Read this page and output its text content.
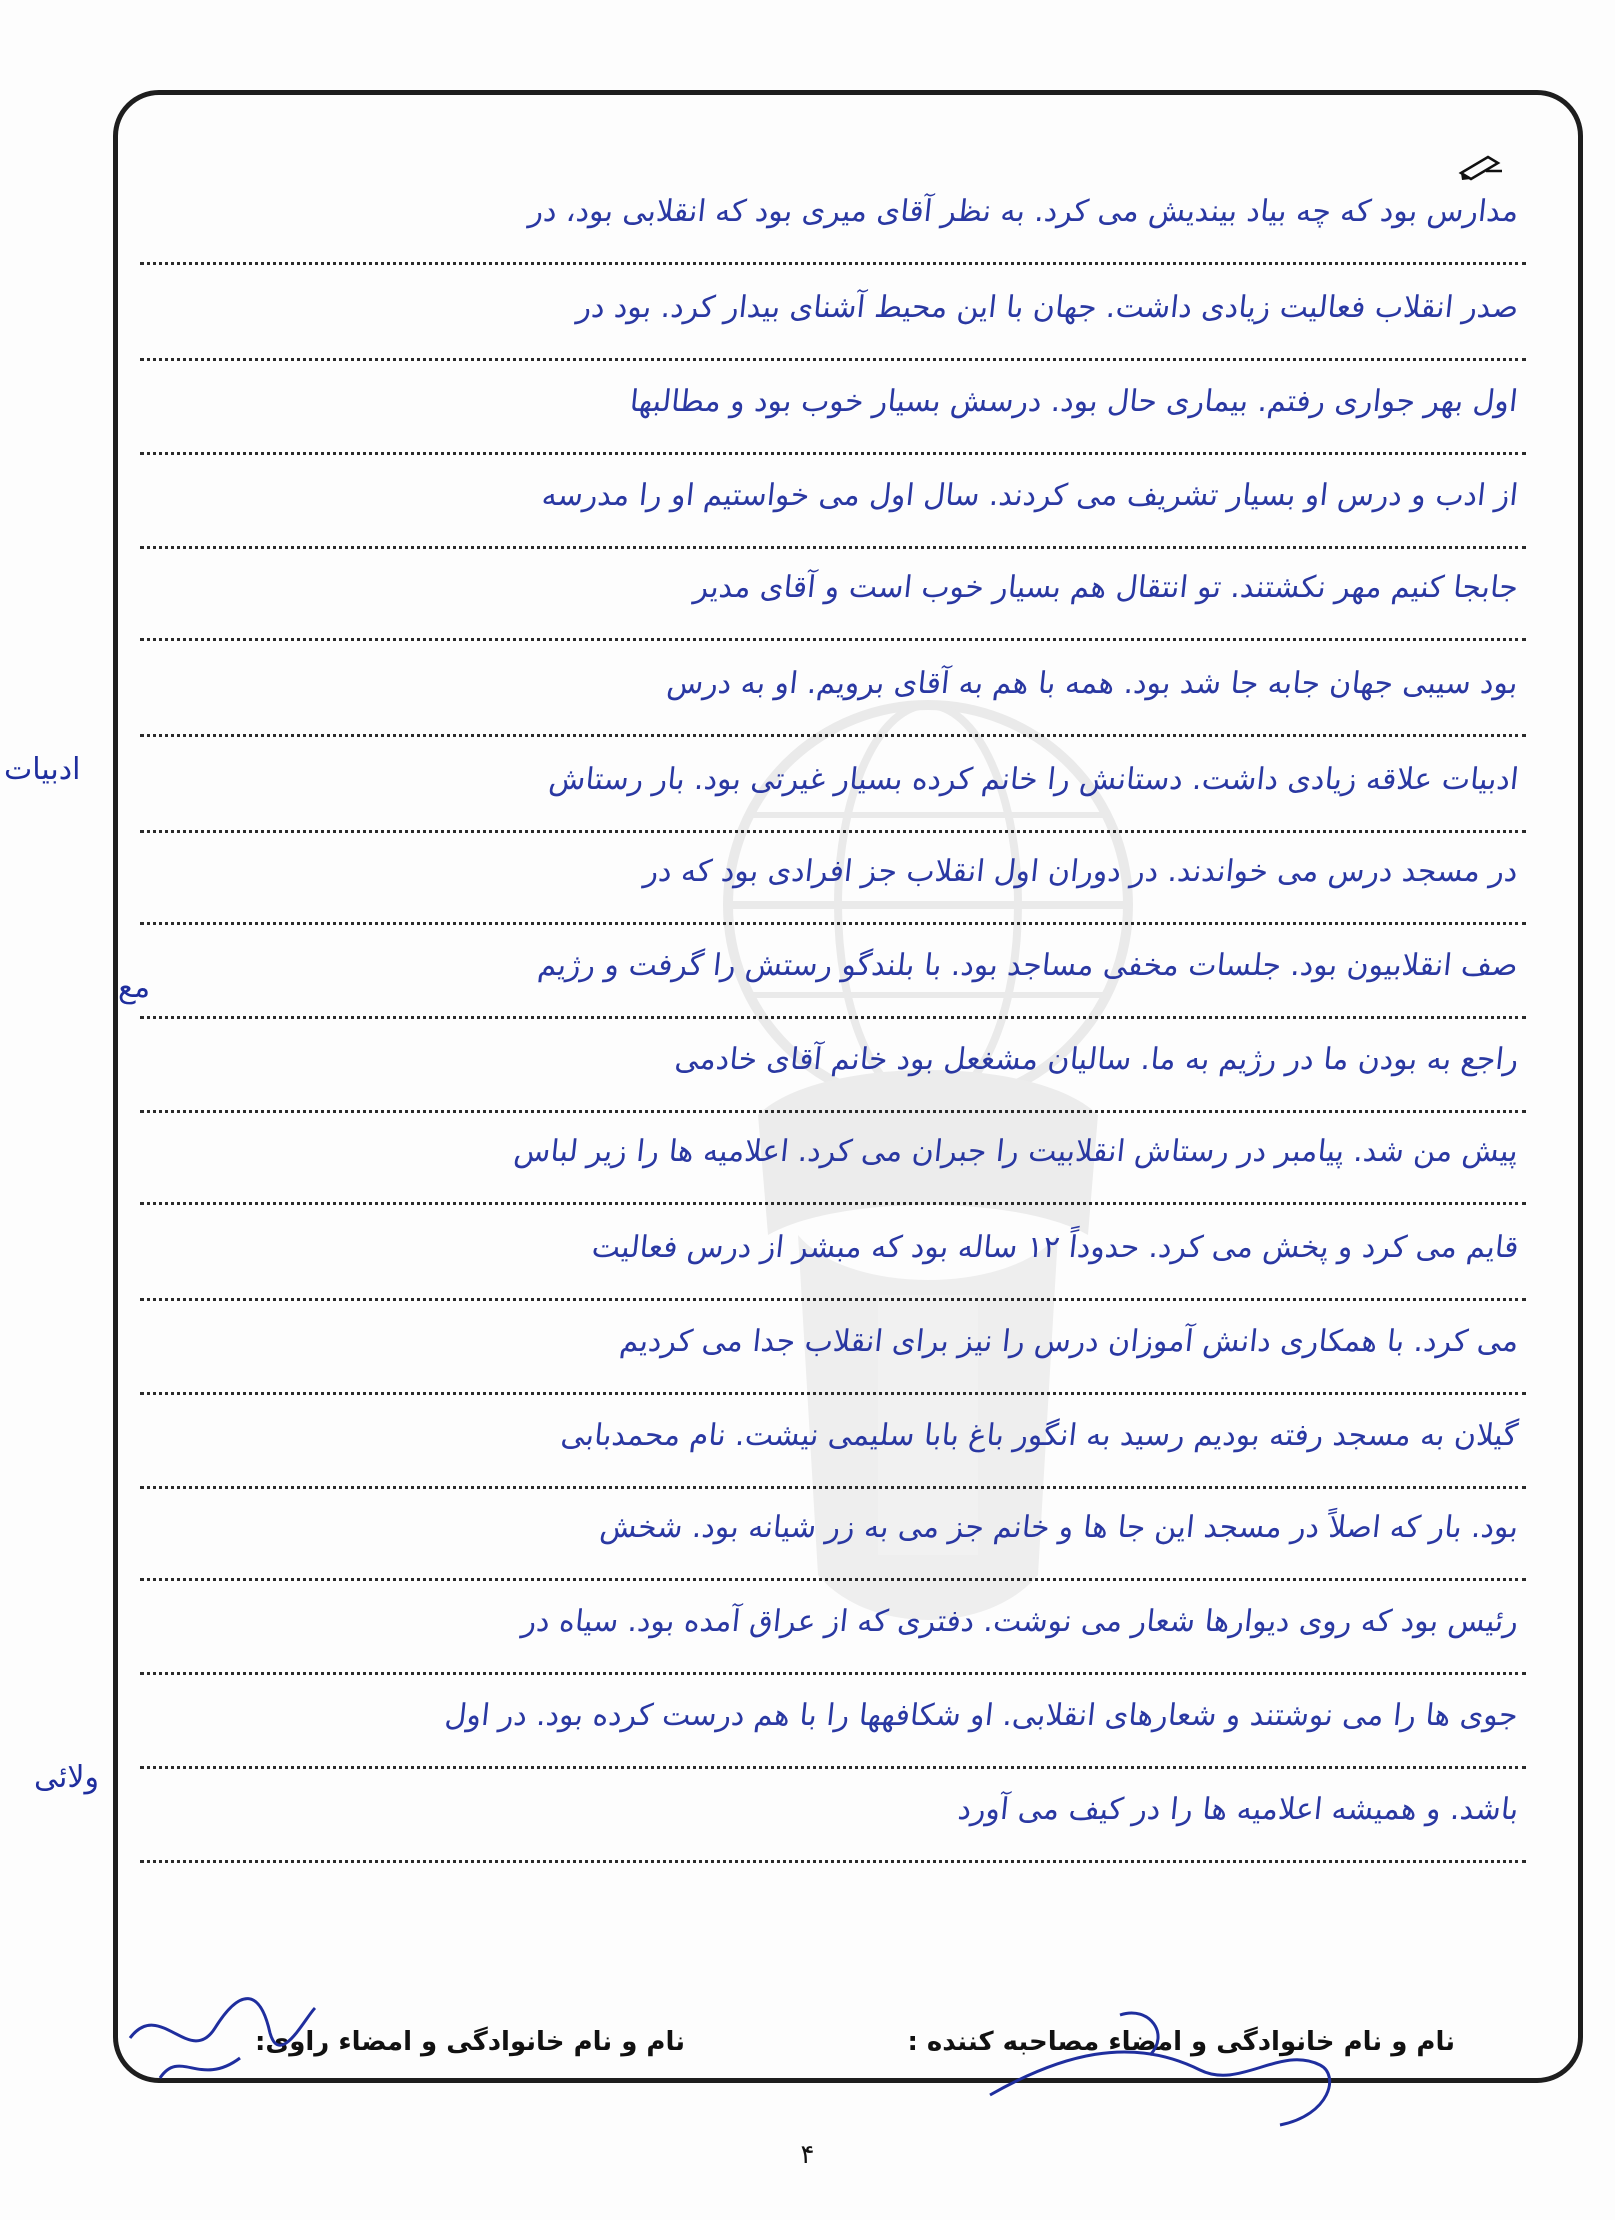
مدارس بود که چه بیاد بیندیش می کرد. به نظر آقای میری بود که انقلابی بود، در
صدر انقلاب فعالیت زیادی داشت. جهان با این محیط آشنای بیدار کرد. بود در
اول بهر جواری رفتم. بیماری حال بود. درسش بسیار خوب بود و مطالبها
از ادب و درس او بسیار تشریف می کردند. سال اول می خواستیم او را مدرسه
جابجا کنیم مهر نکشتند. تو انتقال هم بسیار خوب است و آقای مدیر
بود سیبی جهان جابه جا شد بود. همه با هم به آقای برویم. او به درس
ادبیات علاقه زیادی داشت. دستانش را خانم کرده بسیار غیرتی بود. بار رستاش
در مسجد درس می خواندند. در دوران اول انقلاب جز افرادی بود که در
صف انقلابیون بود. جلسات مخفی مساجد بود. با بلندگو رستش را گرفت و رژیم
راجع به بودن ما در رژیم به ما. سالیان مشغعل بود خانم آقای خادمی
پیش من شد. پیامبر در رستاش انقلابیت را جبران می کرد. اعلامیه ها را زیر لباس
قایم می کرد و پخش می کرد. حدوداً ۱۲ ساله بود که مبشر از درس فعالیت
می کرد. با همکاری دانش آموزان درس را نیز برای انقلاب جدا می کردیم
گیلان به مسجد رفته بودیم رسید به انگور باغ بابا سلیمی نیشت. نام محمدبابی
بود. بار که اصلاً در مسجد این جا ها و خانم جز می به زر شیانه بود. شخش
رئیس بود که روی دیوارها شعار می نوشت. دفتری که از عراق آمده بود. سیاه در
جوی ها را می نوشتند و شعارهای انقلابی. او شکافهها را با هم درست کرده بود. در اول
باشد. و همیشه اعلامیه ها را در کیف می آورد
ادبیات
ولائی
مع
نام و نام خانوادگی و امضاء مصاحبه کننده :
نام و نام خانوادگی و امضاء راوی:
۴
